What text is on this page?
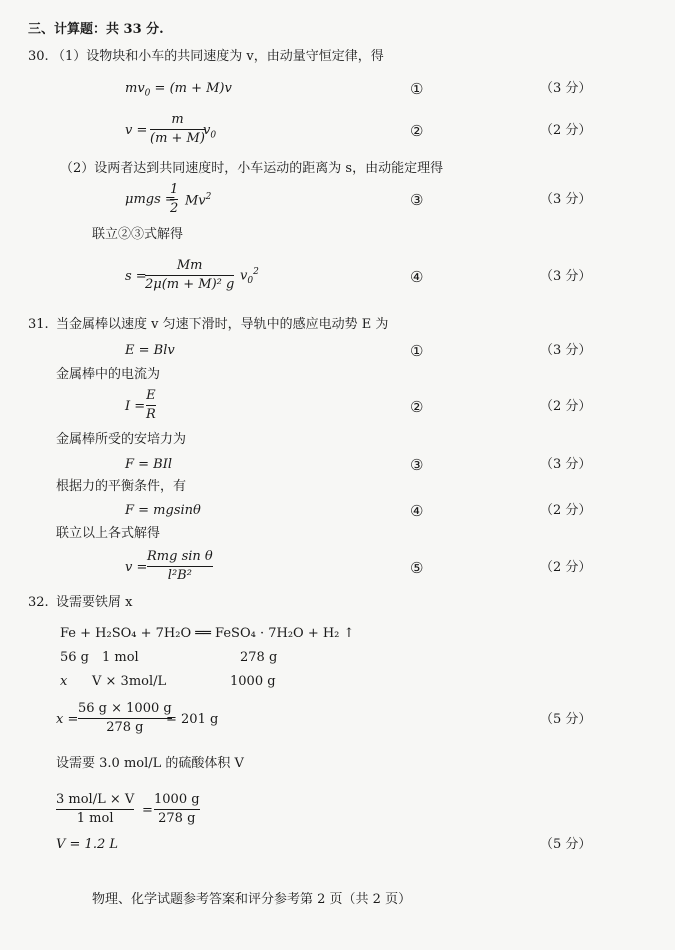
三、计算题：共 33 分.
30. （1）设物块和小车的共同速度为 v，由动量守恒定律，得
$mv_0 = (m + M)v$	①	（3 分）
v =
m
(m + M)
$v_0$	②	（2 分）
（2）设两者达到共同速度时，小车运动的距离为 s，由动能定理得
μmgs =
1
2
Mv$^2$	③	（3 分）
联立②③式解得
s =
Mm
2μ(m + M)² g
$v_0^2$	④	（3 分）
31. 当金属棒以速度 v 匀速下滑时，导轨中的感应电动势 E 为
E = Blv	①	（3 分）
金属棒中的电流为
I =
E
R	②	（2 分）
金属棒所受的安培力为
F = BIl	③	（3 分）
根据力的平衡条件，有
F = mgsinθ	④	（2 分）
联立以上各式解得
v =
Rmg sin θ
l²B²	⑤	（2 分）
32. 设需要铁屑 x
Fe + H₂SO₄ + 7H₂O ══ FeSO₄ · 7H₂O + H₂ ↑
56 g 1 mol	278 g
x V × 3mol/L	1000 g
x =
56 g × 1000 g
278 g
= 201 g	（5 分）
设需要 3.0 mol/L 的硫酸体积 V
3 mol/L × V
1 mol
=
1000 g
278 g
V = 1.2 L	（5 分）
物理、化学试题参考答案和评分参考第 2 页（共 2 页）
